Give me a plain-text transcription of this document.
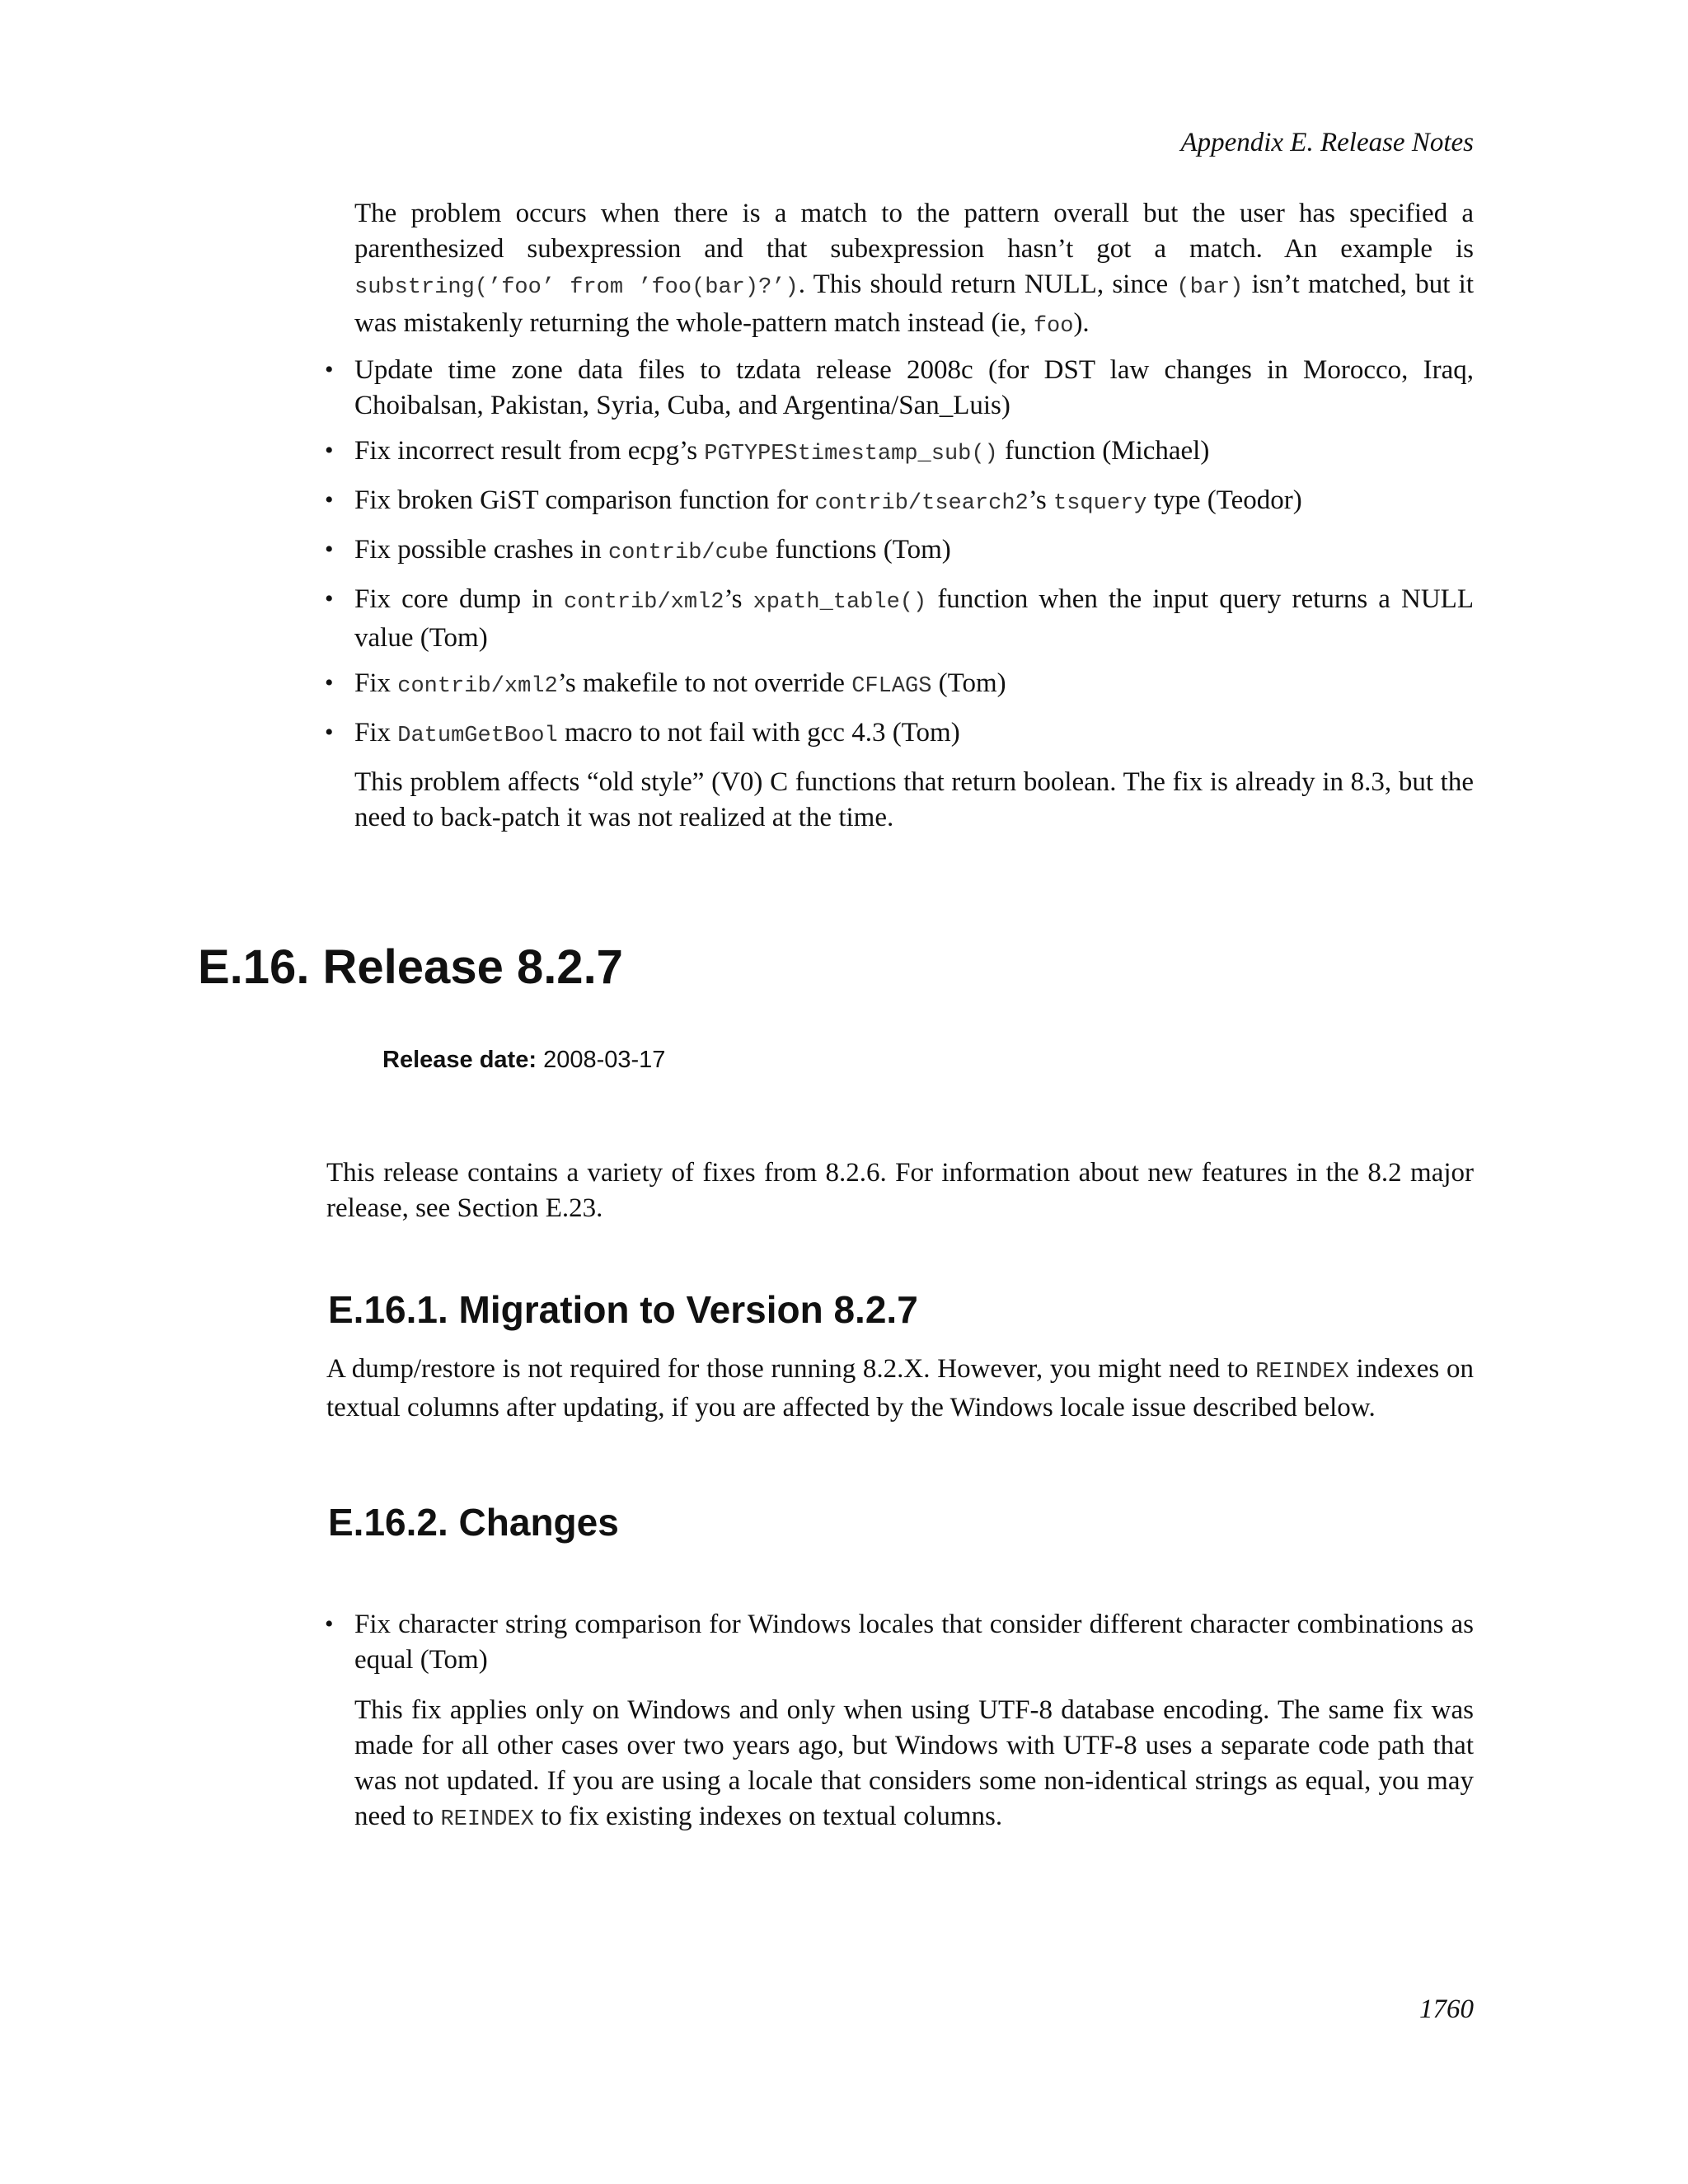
Appendix E. Release Notes

The problem occurs when there is a match to the pattern overall but the user has specified a parenthesized subexpression and that subexpression hasn’t got a match. An example is substring(’foo’ from ’foo(bar)?’). This should return NULL, since (bar) isn’t matched, but it was mistakenly returning the whole-pattern match instead (ie, foo).

• Update time zone data files to tzdata release 2008c (for DST law changes in Morocco, Iraq, Choibalsan, Pakistan, Syria, Cuba, and Argentina/San_Luis)

• Fix incorrect result from ecpg’s PGTYPEStimestamp_sub() function (Michael)

• Fix broken GiST comparison function for contrib/tsearch2’s tsquery type (Teodor)

• Fix possible crashes in contrib/cube functions (Tom)

• Fix core dump in contrib/xml2’s xpath_table() function when the input query returns a NULL value (Tom)

• Fix contrib/xml2’s makefile to not override CFLAGS (Tom)

• Fix DatumGetBool macro to not fail with gcc 4.3 (Tom)

This problem affects “old style” (V0) C functions that return boolean. The fix is already in 8.3, but the need to back-patch it was not realized at the time.

E.16. Release 8.2.7
Release date: 2008-03-17

This release contains a variety of fixes from 8.2.6. For information about new features in the 8.2 major release, see Section E.23.

E.16.1. Migration to Version 8.2.7

A dump/restore is not required for those running 8.2.X. However, you might need to REINDEX indexes on textual columns after updating, if you are affected by the Windows locale issue described below.

E.16.2. Changes
• Fix character string comparison for Windows locales that consider different character combinations as equal (Tom)

This fix applies only on Windows and only when using UTF-8 database encoding. The same fix was made for all other cases over two years ago, but Windows with UTF-8 uses a separate code path that was not updated. If you are using a locale that considers some non-identical strings as equal, you may need to REINDEX to fix existing indexes on textual columns.

1760
